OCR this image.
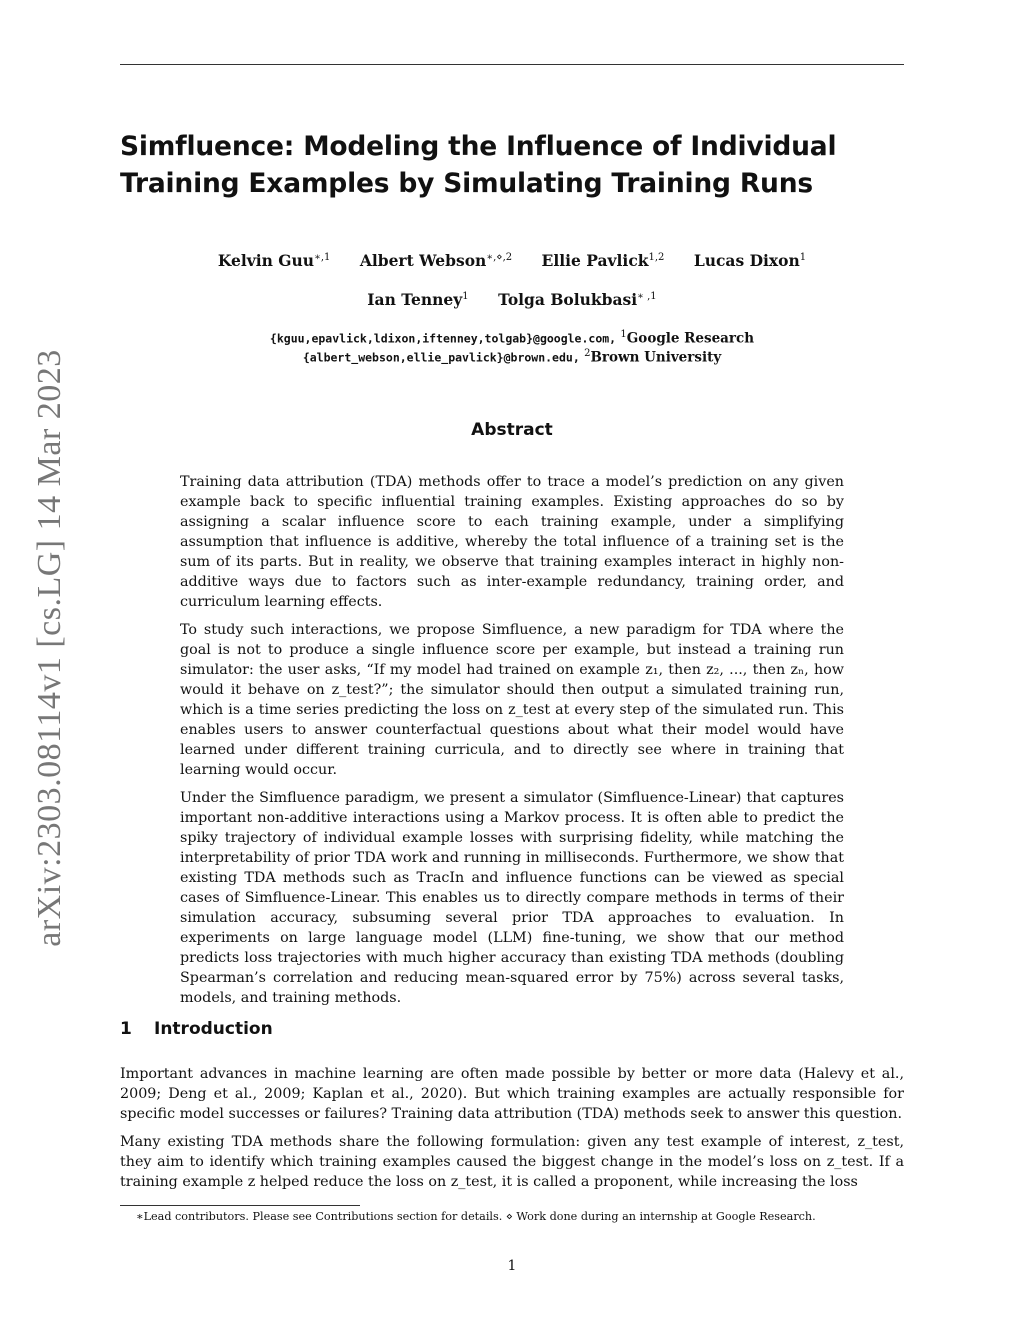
arXiv:2303.08114v1 [cs.LG] 14 Mar 2023
Simfluence: Modeling the Influence of Individual
Training Examples by Simulating Training Runs
Kelvin Guu$^{∗,1}$ Albert Webson$^{∗,⋄,2}$ Ellie Pavlick$^{1,2}$ Lucas Dixon$^1$
Ian Tenney$^1$ Tolga Bolukbasi$^{∗ ,1}$
{kguu,epavlick,ldixon,iftenney,tolgab}@google.com, $^1$Google Research
{albert_webson,ellie_pavlick}@brown.edu, $^2$Brown University
Abstract

Training data attribution (TDA) methods offer to trace a model’s prediction on any given example back to specific influential training examples. Existing approaches do so by assigning a scalar influence score to each training example, under a simplifying assumption that influence is additive, whereby the total influence of a training set is the sum of its parts. But in reality, we observe that training examples interact in highly non-additive ways due to factors such as inter-example redundancy, training order, and curriculum learning effects.

To study such interactions, we propose Simfluence, a new paradigm for TDA where the goal is not to produce a single influence score per example, but instead a training run simulator: the user asks, “If my model had trained on example z₁, then z₂, ..., then zₙ, how would it behave on z_test?”; the simulator should then output a simulated training run, which is a time series predicting the loss on z_test at every step of the simulated run. This enables users to answer counterfactual questions about what their model would have learned under different training curricula, and to directly see where in training that learning would occur.

Under the Simfluence paradigm, we present a simulator (Simfluence-Linear) that captures important non-additive interactions using a Markov process. It is often able to predict the spiky trajectory of individual example losses with surprising fidelity, while matching the interpretability of prior TDA work and running in milliseconds. Furthermore, we show that existing TDA methods such as TracIn and influence functions can be viewed as special cases of Simfluence-Linear. This enables us to directly compare methods in terms of their simulation accuracy, subsuming several prior TDA approaches to evaluation. In experiments on large language model (LLM) fine-tuning, we show that our method predicts loss trajectories with much higher accuracy than existing TDA methods (doubling Spearman’s correlation and reducing mean-squared error by 75%) across several tasks, models, and training methods.

1 Introduction

Important advances in machine learning are often made possible by better or more data (Halevy et al., 2009; Deng et al., 2009; Kaplan et al., 2020). But which training examples are actually responsible for specific model successes or failures? Training data attribution (TDA) methods seek to answer this question.

Many existing TDA methods share the following formulation: given any test example of interest, z_test, they aim to identify which training examples caused the biggest change in the model’s loss on z_test. If a training example z helped reduce the loss on z_test, it is called a proponent, while increasing the loss

∗Lead contributors. Please see Contributions section for details. ⋄ Work done during an internship at Google Research.
1
